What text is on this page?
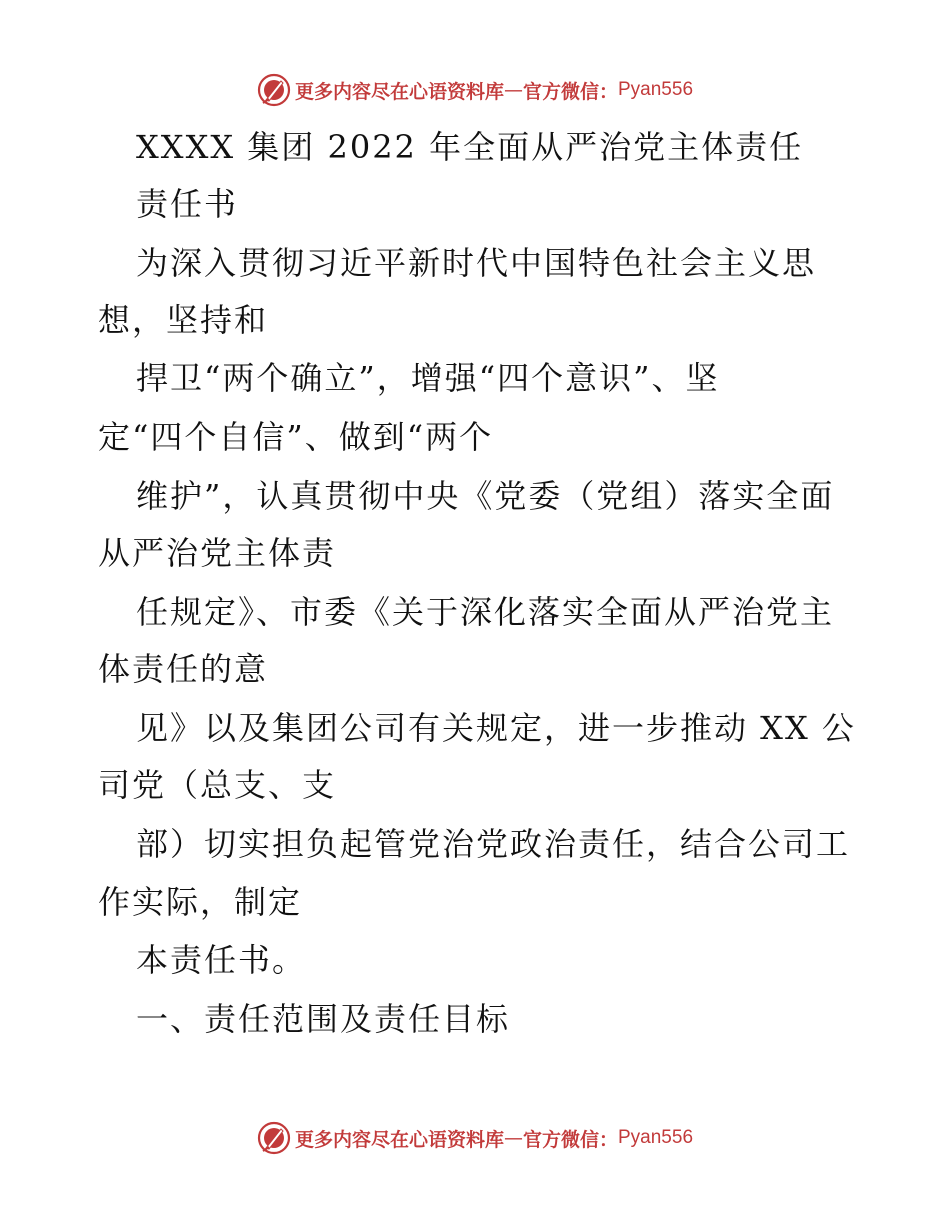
更多内容尽在心语资料库 — 官方微信： Pyan556
XXXX 集团 2022 年全面从严治党主体责任
责任书
为深入贯彻习近平新时代中国特色社会主义思
想，坚持和
捍卫“两个确立”，增强“四个意识”、坚
定“四个自信”、做到“两个
维护”，认真贯彻中央《党委（党组）落实全面
从严治党主体责
任规定》、市委《关于深化落实全面从严治党主
体责任的意
见》以及集团公司有关规定，进一步推动 XX 公
司党（总支、支
部）切实担负起管党治党政治责任，结合公司工
作实际，制定
本责任书。
一、责任范围及责任目标
更多内容尽在心语资料库 — 官方微信： Pyan556
